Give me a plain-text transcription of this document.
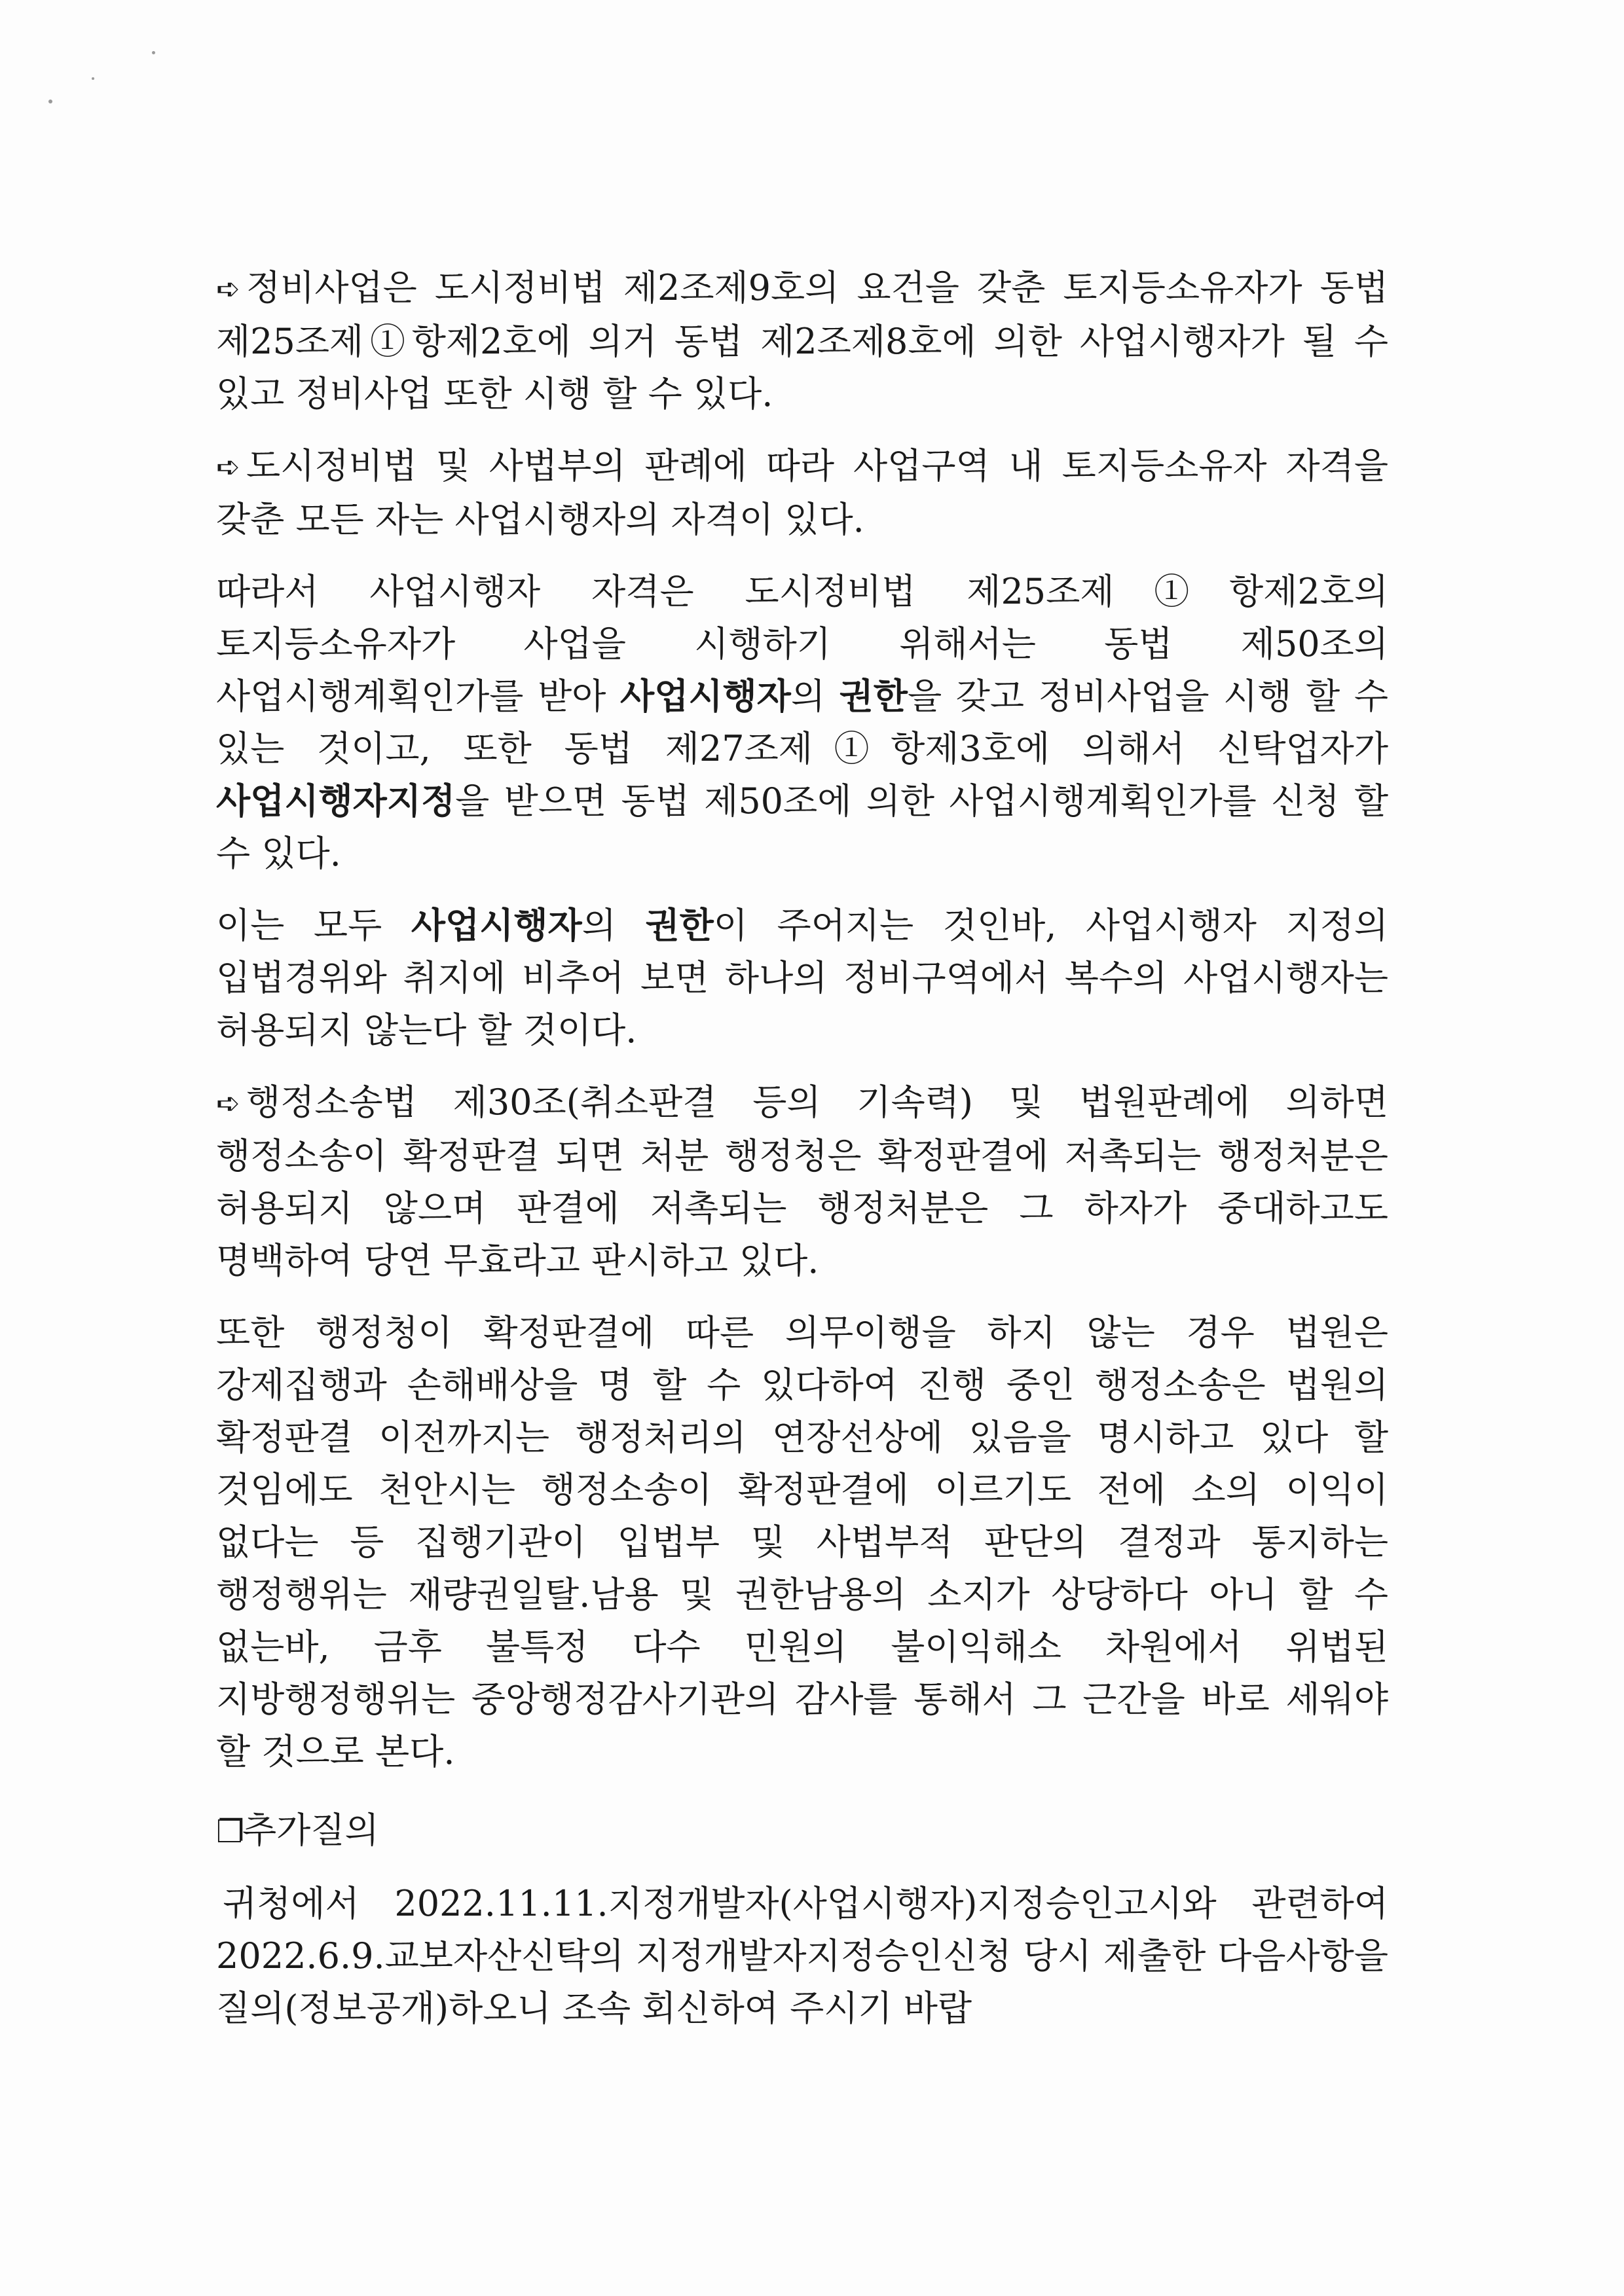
➪ 정비사업은 도시정비법 제2조제9호의 요건을 갖춘 토지등소유자가 동법 제25조제①항제2호에 의거 동법 제2조제8호에 의한 사업시행자가 될 수 있고 정비사업 또한 시행 할 수 있다.

➪ 도시정비법 및 사법부의 판례에 따라 사업구역 내 토지등소유자 자격을 갖춘 모든 자는 사업시행자의 자격이 있다.

따라서 사업시행자 자격은 도시정비법 제25조제①항제2호의 토지등소유자가 사업을 시행하기 위해서는 동법 제50조의 사업시행계획인가를 받아 사업시행자의 권한을 갖고 정비사업을 시행 할 수 있는 것이고, 또한 동법 제27조제①항제3호에 의해서 신탁업자가 사업시행자지정을 받으면 동법 제50조에 의한 사업시행계획인가를 신청 할 수 있다.

이는 모두 사업시행자의 권한이 주어지는 것인바, 사업시행자 지정의 입법경위와 취지에 비추어 보면 하나의 정비구역에서 복수의 사업시행자는 허용되지 않는다 할 것이다.

➪ 행정소송법 제30조(취소판결 등의 기속력) 및 법원판례에 의하면 행정소송이 확정판결 되면 처분 행정청은 확정판결에 저촉되는 행정처분은 허용되지 않으며 판결에 저촉되는 행정처분은 그 하자가 중대하고도 명백하여 당연 무효라고 판시하고 있다.

또한 행정청이 확정판결에 따른 의무이행을 하지 않는 경우 법원은 강제집행과 손해배상을 명 할 수 있다하여 진행 중인 행정소송은 법원의 확정판결 이전까지는 행정처리의 연장선상에 있음을 명시하고 있다 할 것임에도 천안시는 행정소송이 확정판결에 이르기도 전에 소의 이익이 없다는 등 집행기관이 입법부 및 사법부적 판단의 결정과 통지하는 행정행위는 재량권일탈.남용 및 권한남용의 소지가 상당하다 아니 할 수 없는바, 금후 불특정 다수 민원의 불이익해소 차원에서 위법된 지방행정행위는 중앙행정감사기관의 감사를 통해서 그 근간을 바로 세워야 할 것으로 본다.

❐추가질의

귀청에서 2022.11.11.지정개발자(사업시행자)지정승인고시와 관련하여 2022.6.9.교보자산신탁의 지정개발자지정승인신청 당시 제출한 다음사항을 질의(정보공개)하오니 조속 회신하여 주시기 바랍
